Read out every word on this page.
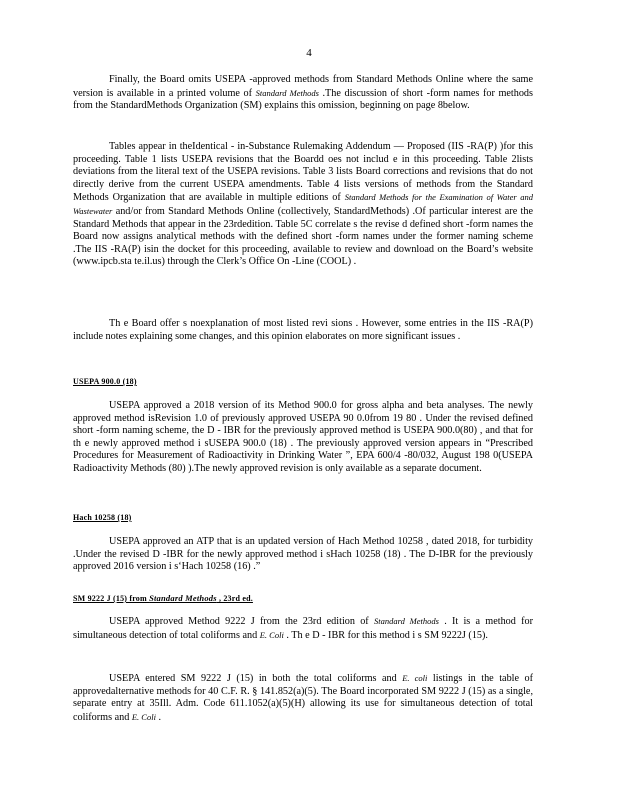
4

Finally, the Board omits USEPA -approved methods from Standard Methods Online where the same version is available in a printed volume of Standard Methods .The discussion of short -form names for methods from the StandardMethods Organization (SM) explains this omission, beginning on page 8below.

Tables appear in theIdentical - in-Substance Rulemaking Addendum — Proposed (IIS -RA(P) )for this proceeding. Table 1 lists USEPA revisions that the Boardd oes not includ e in this proceeding. Table 2lists deviations from the literal text of the USEPA revisions. Table 3 lists Board corrections and revisions that do not directly derive from the current USEPA amendments. Table 4 lists versions of methods from the Standard Methods Organization that are available in multiple editions of Standard Methods for the Examination of Water and Wastewater and/or from Standard Methods Online (collectively, StandardMethods) .Of particular interest are the Standard Methods that appear in the 23rdedition. Table 5C correlate s the revise d defined short -form names the Board now assigns analytical methods with the defined short -form names under the former naming scheme .The IIS -RA(P) isin the docket for this proceeding, available to review and download on the Board’s website (www.ipcb.sta te.il.us) through the Clerk’s Office On -Line (COOL) .

Th e Board offer s noexplanation of most listed revi sions . However, some entries in the IIS -RA(P) include notes explaining some changes, and this opinion elaborates on more significant issues .

USEPA 900.0 (18)

USEPA approved a 2018 version of its Method 900.0 for gross alpha and beta analyses. The newly approved method isRevision 1.0 of previously approved USEPA 90 0.0from 19 80 . Under the revised defined short -form naming scheme, the D - IBR for the previously approved method is USEPA 900.0(80) , and that for th e newly approved method i sUSEPA 900.0 (18) . The previously approved version appears in “Prescribed Procedures for Measurement of Radioactivity in Drinking Water ”, EPA 600/4 -80/032, August 198 0(USEPA Radioactivity Methods (80) ).The newly approved revision is only available as a separate document.

Hach 10258 (18)

USEPA approved an ATP that is an updated version of Hach Method 10258 , dated 2018, for turbidity .Under the revised D -IBR for the newly approved method i sHach 10258 (18) . The D-IBR for the previously approved 2016 version i s‘Hach 10258 (16) .”

SM 9222 J (15) from Standard Methods , 23rd ed.

USEPA approved Method 9222 J from the 23rd edition of Standard Methods . It is a method for simultaneous detection of total coliforms and E. Coli . Th e D - IBR for this method i s SM 9222J (15).

USEPA entered SM 9222 J (15) in both the total coliforms and E. coli listings in the table of approvedalternative methods for 40 C.F. R. § 141.852(a)(5). The Board incorporated SM 9222 J (15) as a single, separate entry at 35Ill. Adm. Code 611.1052(a)(5)(H) allowing its use for simultaneous detection of total coliforms and E. Coli .
